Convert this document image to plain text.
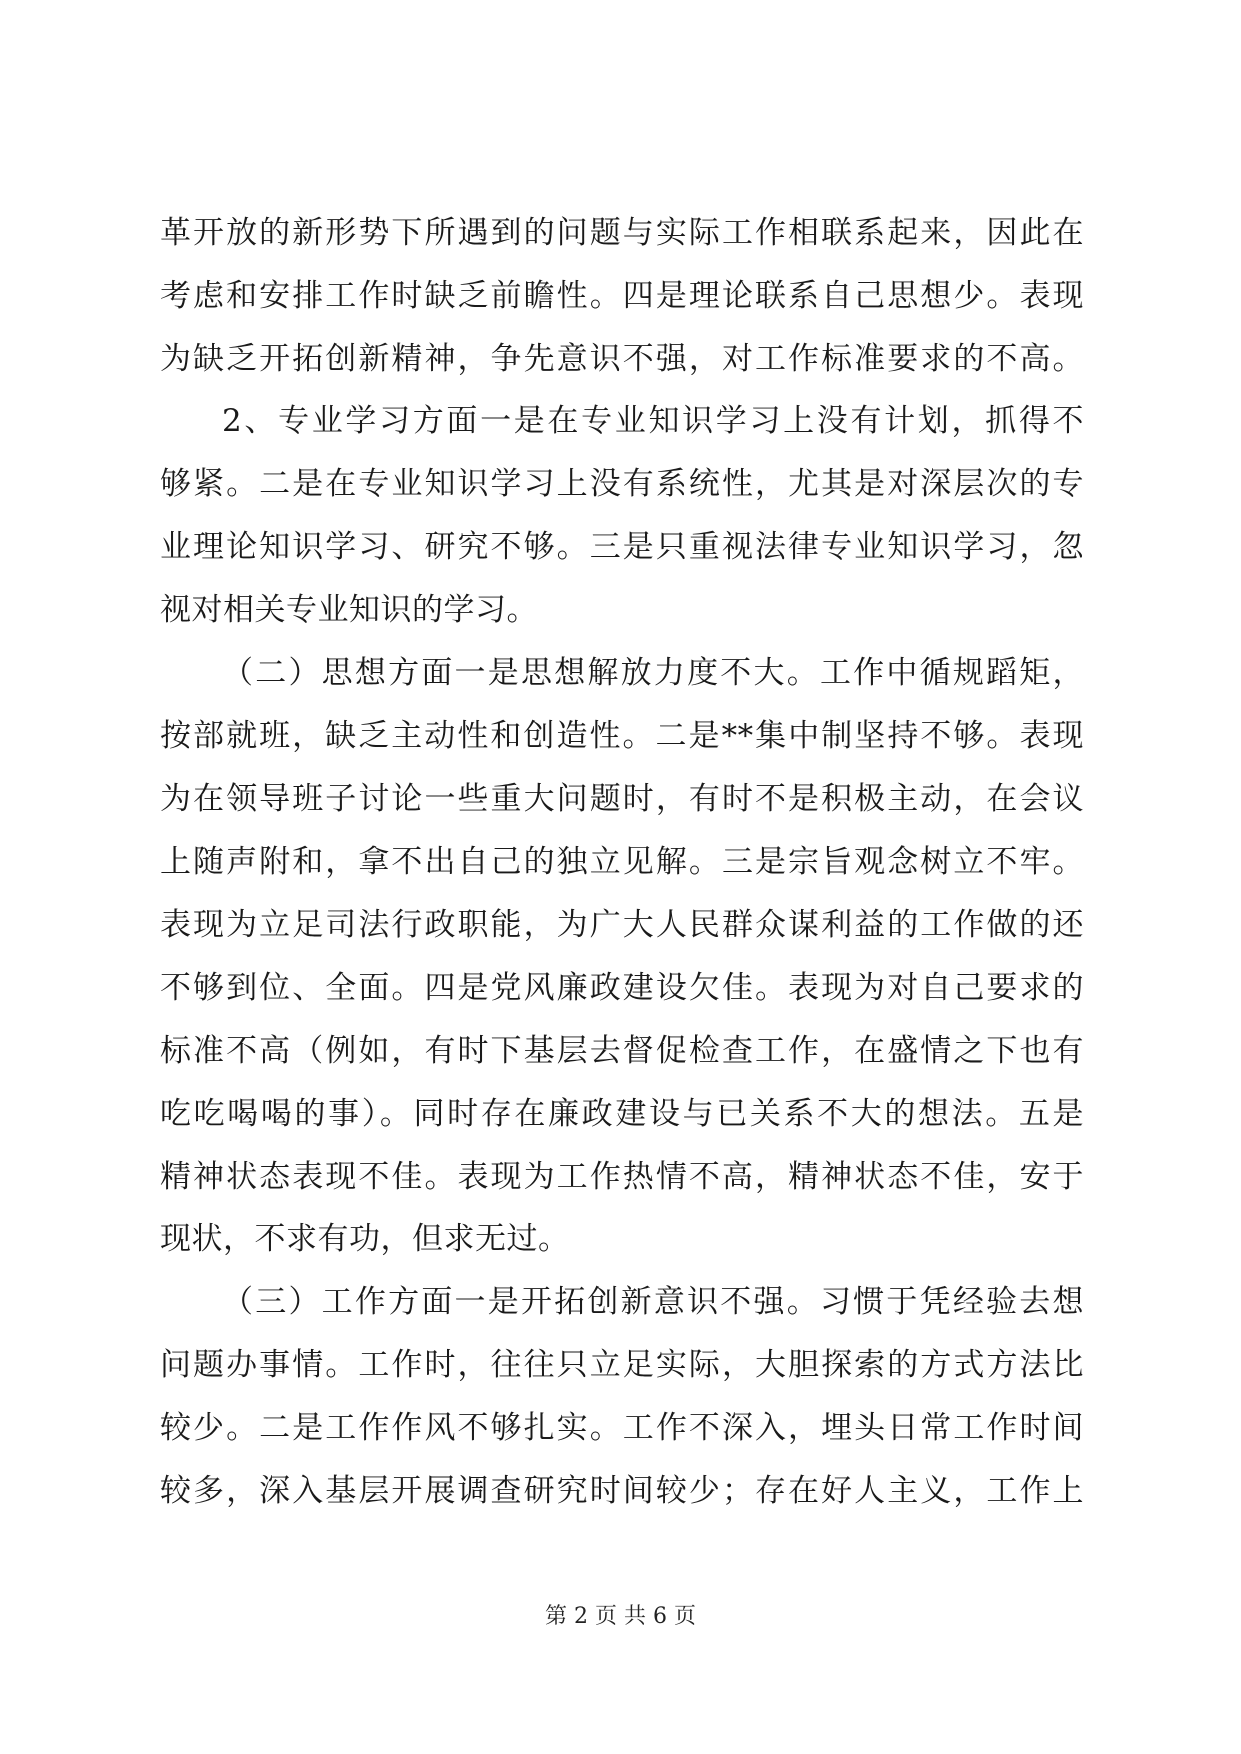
革开放的新形势下所遇到的问题与实际工作相联系起来，因此在
考虑和安排工作时缺乏前瞻性。四是理论联系自己思想少。表现
为缺乏开拓创新精神，争先意识不强，对工作标准要求的不高。
2、专业学习方面一是在专业知识学习上没有计划，抓得不
够紧。二是在专业知识学习上没有系统性，尤其是对深层次的专
业理论知识学习、研究不够。三是只重视法律专业知识学习，忽
视对相关专业知识的学习。
（二）思想方面一是思想解放力度不大。工作中循规蹈矩，
按部就班，缺乏主动性和创造性。二是**集中制坚持不够。表现
为在领导班子讨论一些重大问题时，有时不是积极主动，在会议
上随声附和，拿不出自己的独立见解。三是宗旨观念树立不牢。
表现为立足司法行政职能，为广大人民群众谋利益的工作做的还
不够到位、全面。四是党风廉政建设欠佳。表现为对自己要求的
标准不高（例如，有时下基层去督促检查工作，在盛情之下也有
吃吃喝喝的事）。同时存在廉政建设与已关系不大的想法。五是
精神状态表现不佳。表现为工作热情不高，精神状态不佳，安于
现状，不求有功，但求无过。
（三）工作方面一是开拓创新意识不强。习惯于凭经验去想
问题办事情。工作时，往往只立足实际，大胆探索的方式方法比
较少。二是工作作风不够扎实。工作不深入，埋头日常工作时间
较多，深入基层开展调查研究时间较少；存在好人主义，工作上
第 2 页 共 6 页
